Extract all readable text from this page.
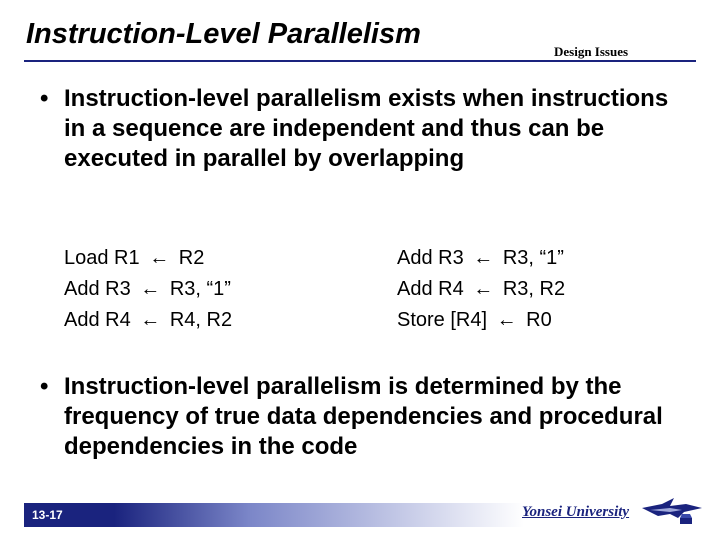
Instruction-Level Parallelism
Design Issues
• Instruction-level parallelism exists when instructions in a sequence are independent and thus can be executed in parallel by overlapping
Load R1 ← R2
Add R3 ← R3, “1”
Add R4 ← R4, R2
Add R3 ← R3, “1”
Add R4 ← R3, R2
Store [R4] ← R0
• Instruction-level parallelism is determined by the frequency of true data dependencies and procedural dependencies in the code
13-17	Yonsei University
